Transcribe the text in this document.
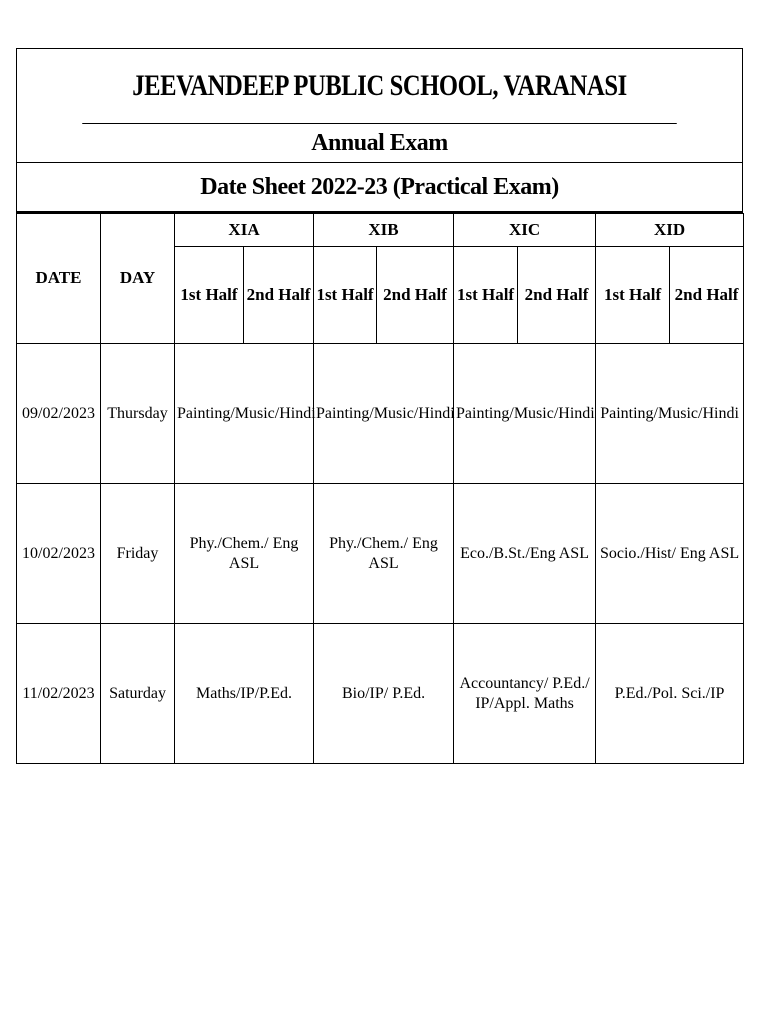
JEEVANDEEP PUBLIC SCHOOL, VARANASI
Annual Exam
Date Sheet 2022-23 (Practical Exam)
DATE	DAY	XIA		XIB		XIC		XID	
		1st Half	2nd Half	1st Half	2nd Half	1st Half	2nd Half	1st Half	2nd Half
09/02/2023	Thursday	Painting/Music/Hindi		Painting/Music/Hindi		Painting/Music/Hindi		Painting/Music/Hindi	
10/02/2023	Friday	Phy./Chem./ Eng ASL		Phy./Chem./ Eng ASL		Eco./B.St./Eng ASL		Socio./Hist/ Eng ASL	
11/02/2023	Saturday	Maths/IP/P.Ed.		Bio/IP/ P.Ed.		Accountancy/ P.Ed./ IP/Appl. Maths		P.Ed./Pol. Sci./IP	
